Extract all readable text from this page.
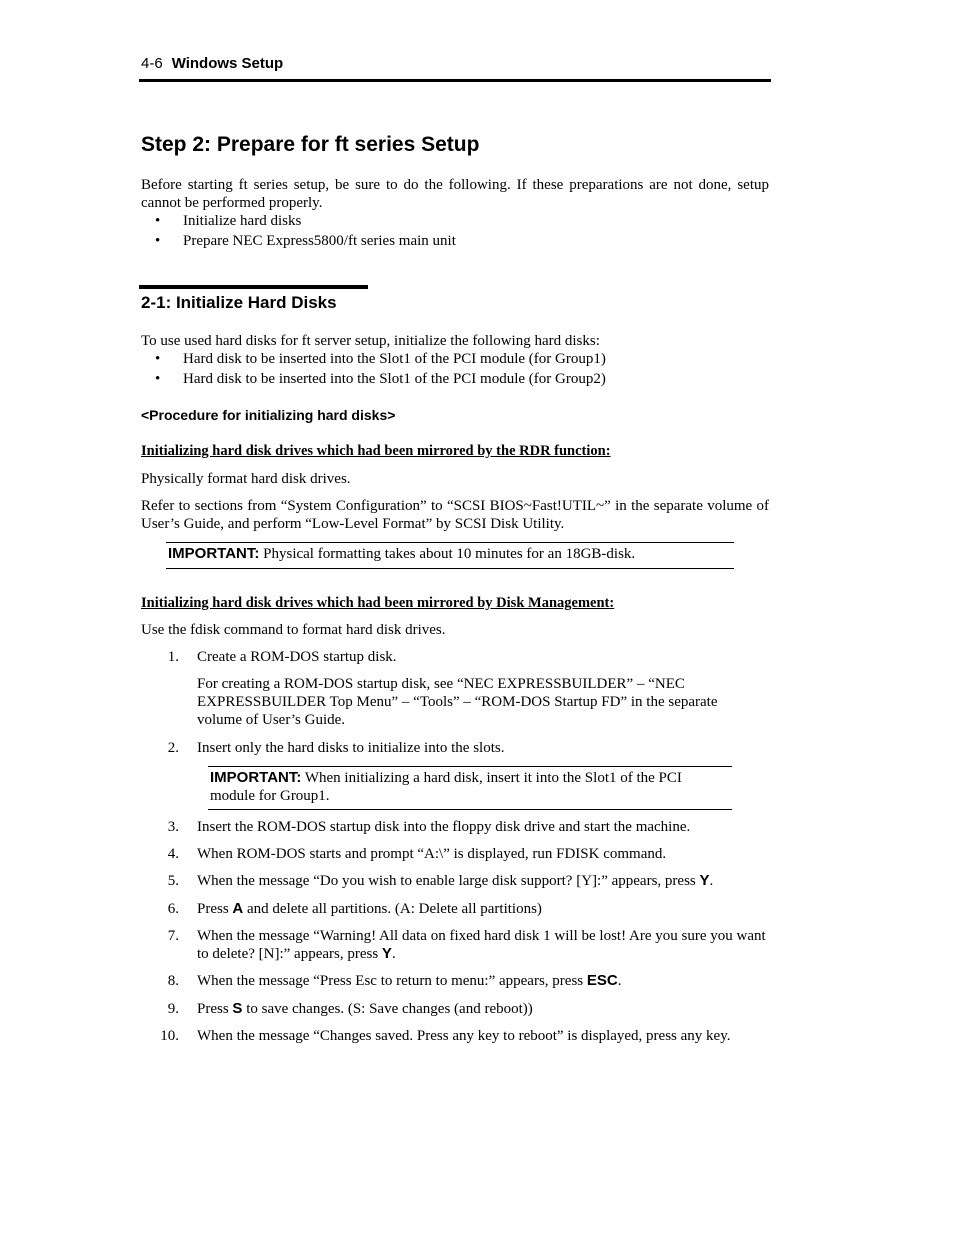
4-6 Windows Setup
Step 2: Prepare for ft series Setup
Before starting ft series setup, be sure to do the following. If these preparations are not done, setup cannot be performed properly.
• Initialize hard disks
• Prepare NEC Express5800/ft series main unit
2-1: Initialize Hard Disks
To use used hard disks for ft server setup, initialize the following hard disks:
• Hard disk to be inserted into the Slot1 of the PCI module (for Group1)
• Hard disk to be inserted into the Slot1 of the PCI module (for Group2)
<Procedure for initializing hard disks>
Initializing hard disk drives which had been mirrored by the RDR function:
Physically format hard disk drives.
Refer to sections from “System Configuration” to “SCSI BIOS~Fast!UTIL~” in the separate volume of User’s Guide, and perform “Low-Level Format” by SCSI Disk Utility.
IMPORTANT: Physical formatting takes about 10 minutes for an 18GB-disk.
Initializing hard disk drives which had been mirrored by Disk Management:
Use the fdisk command to format hard disk drives.
1. Create a ROM-DOS startup disk.
For creating a ROM-DOS startup disk, see “NEC EXPRESSBUILDER” – “NEC EXPRESSBUILDER Top Menu” – “Tools” – “ROM-DOS Startup FD” in the separate volume of User’s Guide.
2. Insert only the hard disks to initialize into the slots.
IMPORTANT: When initializing a hard disk, insert it into the Slot1 of the PCI module for Group1.
3. Insert the ROM-DOS startup disk into the floppy disk drive and start the machine.
4. When ROM-DOS starts and prompt “A:\” is displayed, run FDISK command.
5. When the message “Do you wish to enable large disk support? [Y]:” appears, press Y.
6. Press A and delete all partitions. (A: Delete all partitions)
7. When the message “Warning! All data on fixed hard disk 1 will be lost! Are you sure you want to delete? [N]:” appears, press Y.
8. When the message “Press Esc to return to menu:” appears, press ESC.
9. Press S to save changes. (S: Save changes (and reboot))
10. When the message “Changes saved. Press any key to reboot” is displayed, press any key.
